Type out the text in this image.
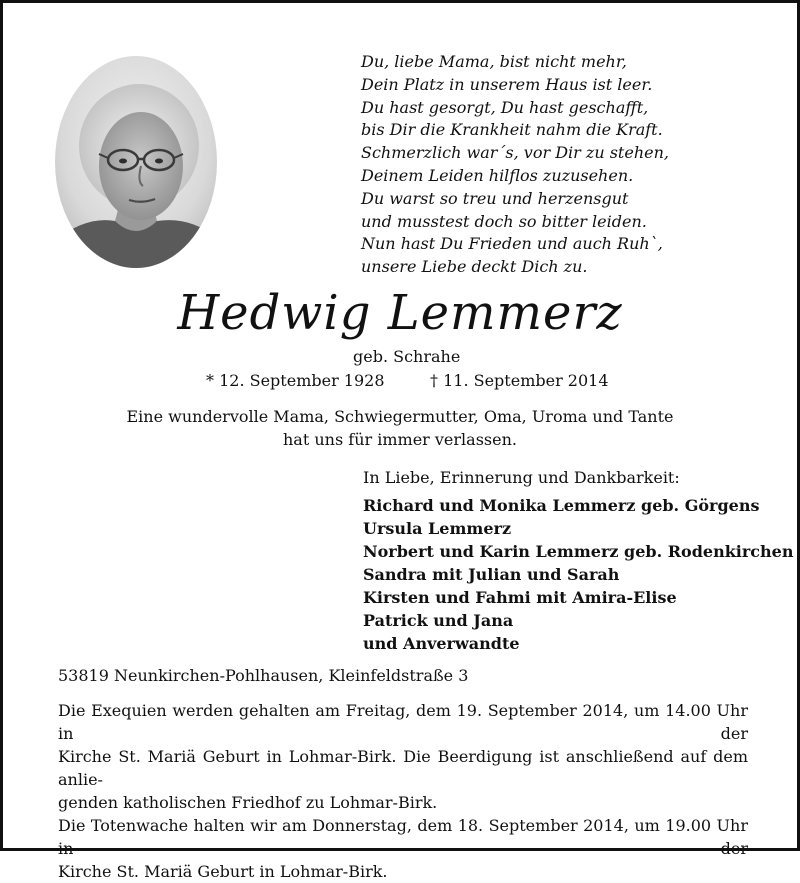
Du, liebe Mama, bist nicht mehr,
Dein Platz in unserem Haus ist leer.
Du hast gesorgt, Du hast geschafft,
bis Dir die Krankheit nahm die Kraft.
Schmerzlich war´s, vor Dir zu stehen,
Deinem Leiden hilflos zuzusehen.
Du warst so treu und herzensgut
und musstest doch so bitter leiden.
Nun hast Du Frieden und auch Ruh`,
unsere Liebe deckt Dich zu.
Hedwig Lemmerz
geb. Schrahe
* 12. September 1928	† 11. September 2014
Eine wundervolle Mama, Schwiegermutter, Oma, Uroma und Tante
hat uns für immer verlassen.
In Liebe, Erinnerung und Dankbarkeit:
Richard und Monika Lemmerz geb. Görgens
Ursula Lemmerz
Norbert und Karin Lemmerz geb. Rodenkirchen
Sandra mit Julian und Sarah
Kirsten und Fahmi mit Amira-Elise
Patrick und Jana
und Anverwandte
53819 Neunkirchen-Pohlhausen, Kleinfeldstraße 3
Die Exequien werden gehalten am Freitag, dem 19. September 2014, um 14.00 Uhr in der
Kirche St. Mariä Geburt in Lohmar-Birk. Die Beerdigung ist anschließend auf dem anlie-
genden katholischen Friedhof zu Lohmar-Birk.
Die Totenwache halten wir am Donnerstag, dem 18. September 2014, um 19.00 Uhr in der
Kirche St. Mariä Geburt in Lohmar-Birk.
